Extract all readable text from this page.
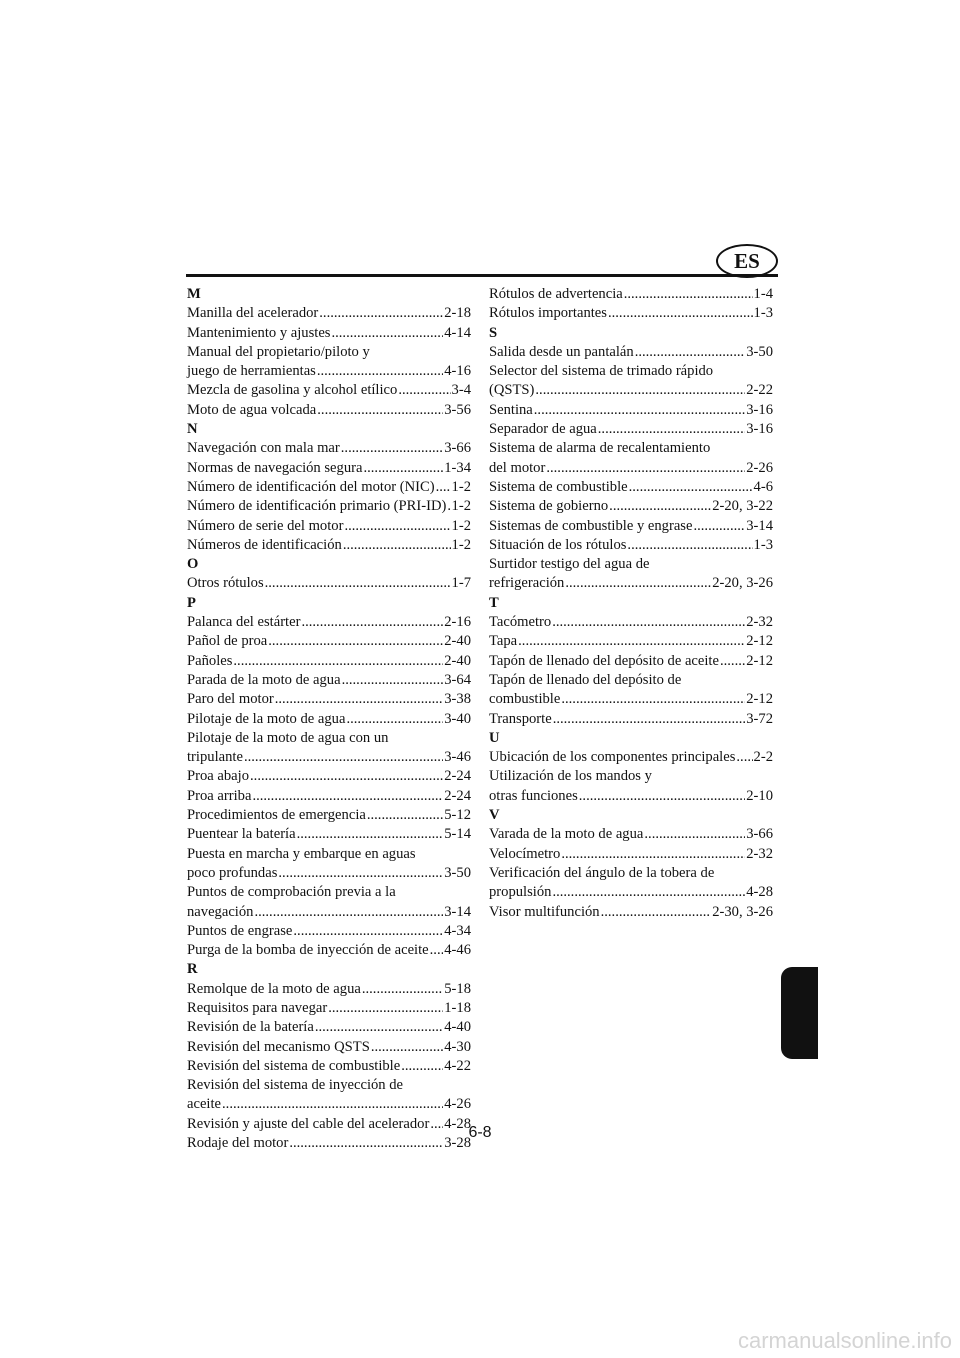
ES
M
Manilla del acelerador .....	2-18
Mantenimiento y ajustes .....	4-14
Manual del propietario/piloto y
juego de herramientas .....	4-16
Mezcla de gasolina y alcohol etílico .....	3-4
Moto de agua volcada .....	3-56
N
Navegación con mala mar .....	3-66
Normas de navegación segura .....	1-34
Número de identificación del motor (NIC) ..... 1-2
Número de identificación primario (PRI-ID) ..... 1-2
Número de serie del motor .....	1-2
Números de identificación .....	1-2
O
Otros rótulos .....	1-7
P
Palanca del estárter .....	2-16
Pañol de proa .....	2-40
Pañoles .....	2-40
Parada de la moto de agua .....	3-64
Paro del motor .....	3-38
Pilotaje de la moto de agua .....	3-40
Pilotaje de la moto de agua con un
tripulante .....	3-46
Proa abajo .....	2-24
Proa arriba .....	2-24
Procedimientos de emergencia .....	5-12
Puentear la batería .....	5-14
Puesta en marcha y embarque en aguas
poco profundas .....	3-50
Puntos de comprobación previa a la
navegación .....	3-14
Puntos de engrase .....	4-34
Purga de la bomba de inyección de aceite ..... 4-46
R
Remolque de la moto de agua .....	5-18
Requisitos para navegar .....	1-18
Revisión de la batería .....	4-40
Revisión del mecanismo QSTS .....	4-30
Revisión del sistema de combustible .....	4-22
Revisión del sistema de inyección de
aceite .....	4-26
Revisión y ajuste del cable del acelerador ..... 4-28
Rodaje del motor .....	3-28
Rótulos de advertencia .....	1-4
Rótulos importantes .....	1-3
S
Salida desde un pantalán .....	3-50
Selector del sistema de trimado rápido
(QSTS) .....	2-22
Sentina .....	3-16
Separador de agua .....	3-16
Sistema de alarma de recalentamiento
del motor .....	2-26
Sistema de combustible .....	4-6
Sistema de gobierno .....	2-20, 3-22
Sistemas de combustible y engrase .....	3-14
Situación de los rótulos .....	1-3
Surtidor testigo del agua de
refrigeración .....	2-20, 3-26
T
Tacómetro .....	2-32
Tapa .....	2-12
Tapón de llenado del depósito de aceite ..... 2-12
Tapón de llenado del depósito de
combustible .....	2-12
Transporte .....	3-72
U
Ubicación de los componentes principales ..... 2-2
Utilización de los mandos y
otras funciones .....	2-10
V
Varada de la moto de agua .....	3-66
Velocímetro .....	2-32
Verificación del ángulo de la tobera de
propulsión .....	4-28
Visor multifunción .....	2-30, 3-26
6-8
carmanualsonline.info
